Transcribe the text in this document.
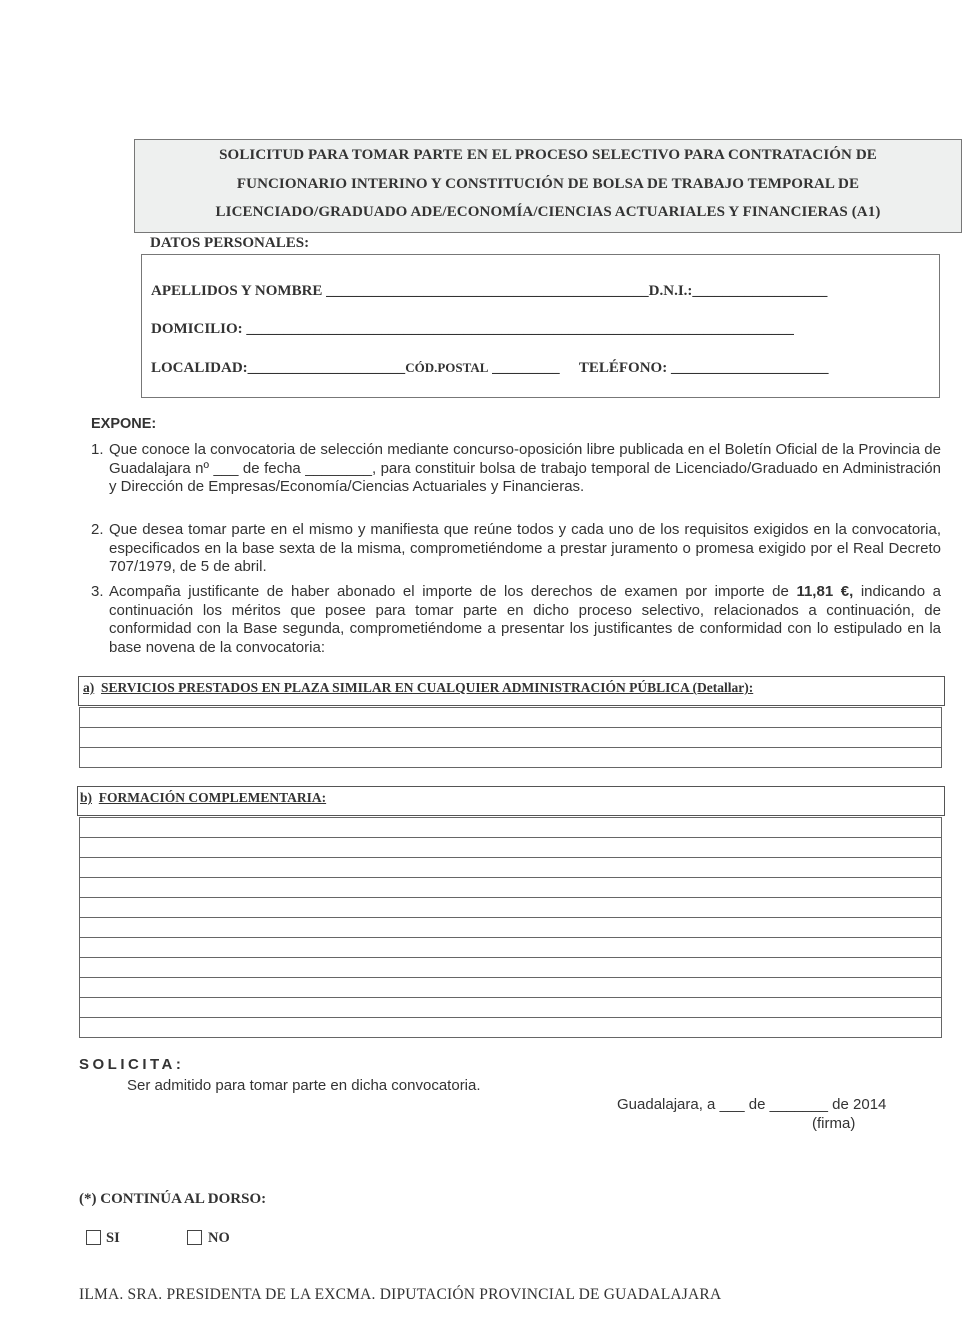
SOLICITUD PARA TOMAR PARTE EN EL PROCESO SELECTIVO PARA CONTRATACIÓN DE
FUNCIONARIO INTERINO Y CONSTITUCIÓN DE BOLSA DE TRABAJO TEMPORAL DE
LICENCIADO/GRADUADO ADE/ECONOMÍA/CIENCIAS ACTUARIALES Y FINANCIERAS (A1)
DATOS PERSONALES:
APELLIDOS Y NOMBRE ___________________________________________D.N.I.:__________________
DOMICILIO: _________________________________________________________________________
LOCALIDAD:_____________________CÓD.POSTAL _________ TELÉFONO: _____________________
EXPONE:
1. Que conoce la convocatoria de selección mediante concurso-oposición libre publicada en el Boletín Oficial de la Provincia de Guadalajara nº ___ de fecha ________, para constituir bolsa de trabajo temporal de Licenciado/Graduado en Administración y Dirección de Empresas/Economía/Ciencias Actuariales y Financieras.
2. Que desea tomar parte en el mismo y manifiesta que reúne todos y cada uno de los requisitos exigidos en la convocatoria, especificados en la base sexta de la misma, comprometiéndome a prestar juramento o promesa exigido por el Real Decreto 707/1979, de 5 de abril.
3. Acompaña justificante de haber abonado el importe de los derechos de examen por importe de 11,81 €, indicando a continuación los méritos que posee para tomar parte en dicho proceso selectivo, relacionados a continuación, de conformidad con la Base segunda, comprometiéndome a presentar los justificantes de conformidad con lo estipulado en la base novena de la convocatoria:
a) SERVICIOS PRESTADOS EN PLAZA SIMILAR EN CUALQUIER ADMINISTRACIÓN PÚBLICA (Detallar):
b) FORMACIÓN COMPLEMENTARIA:
SOLICITA:
Ser admitido para tomar parte en dicha convocatoria.
Guadalajara, a ___ de _______ de 2014
(firma)
(*) CONTINÚA AL DORSO:
SI	NO
ILMA. SRA. PRESIDENTA DE LA EXCMA. DIPUTACIÓN PROVINCIAL DE GUADALAJARA
